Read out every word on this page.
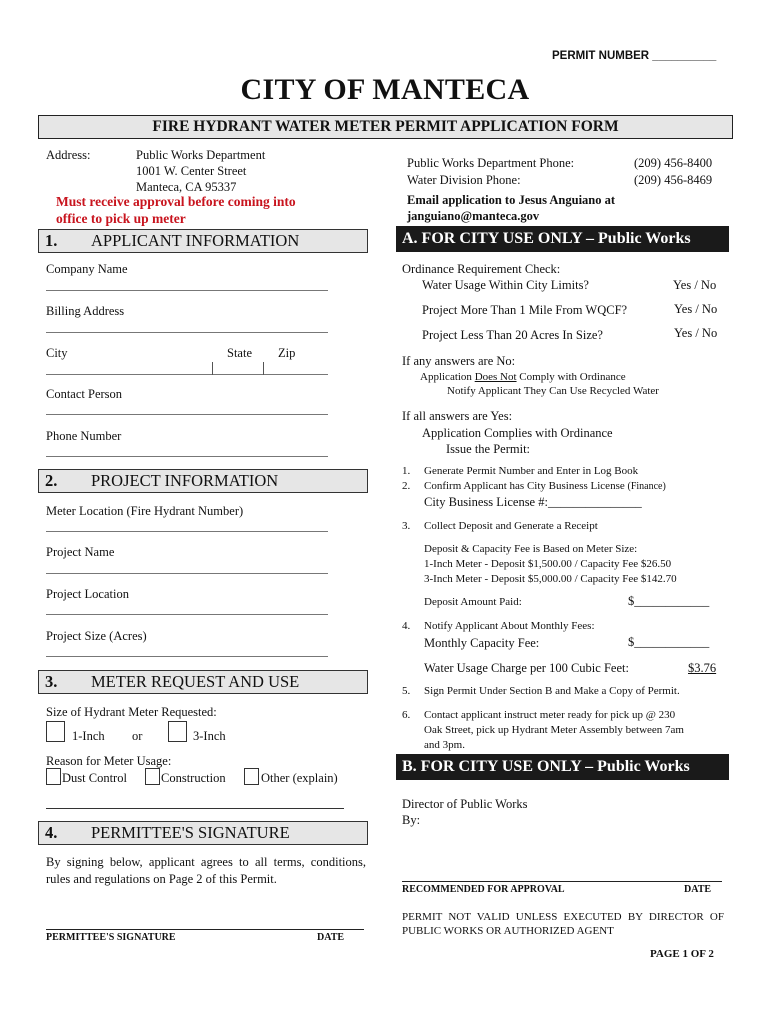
PERMIT NUMBER __________
CITY OF MANTECA
FIRE HYDRANT WATER METER PERMIT APPLICATION FORM
Address:	Public Works Department
1001 W. Center Street
Manteca, CA 95337
Must receive approval before coming into
office to pick up meter
Public Works Department Phone:	(209) 456-8400
Water Division Phone:	(209) 456-8469
Email application to Jesus Anguiano at
janguiano@manteca.gov
1. APPLICANT INFORMATION
Company Name
Billing Address
City	State Zip
Contact Person
Phone Number
2. PROJECT INFORMATION
Meter Location (Fire Hydrant Number)
Project Name
Project Location
Project Size (Acres)
3. METER REQUEST AND USE
Size of Hydrant Meter Requested:
1-Inch or	3-Inch
Reason for Meter Usage:
Dust Control	Construction	Other (explain)
4. PERMITTEE'S SIGNATURE
By signing below, applicant agrees to all terms, conditions, rules and regulations on Page 2 of this Permit.
PERMITTEE'S SIGNATURE	DATE
A. FOR CITY USE ONLY – Public Works
Ordinance Requirement Check:
Water Usage Within City Limits?	Yes / No
Project More Than 1 Mile From WQCF?	Yes / No
Project Less Than 20 Acres In Size?	Yes / No
If any answers are No:
Application Does Not Comply with Ordinance
Notify Applicant They Can Use Recycled Water
If all answers are Yes:
Application Complies with Ordinance
Issue the Permit:
1. Generate Permit Number and Enter in Log Book
2. Confirm Applicant has City Business License (Finance)
City Business License #:_______________
3. Collect Deposit and Generate a Receipt
Deposit & Capacity Fee is Based on Meter Size:
1-Inch Meter - Deposit $1,500.00 / Capacity Fee $26.50
3-Inch Meter - Deposit $5,000.00 / Capacity Fee $142.70
Deposit Amount Paid:	$____________
4. Notify Applicant About Monthly Fees:
Monthly Capacity Fee:	$____________
Water Usage Charge per 100 Cubic Feet:	$3.76
5. Sign Permit Under Section B and Make a Copy of Permit.
6. Contact applicant instruct meter ready for pick up @ 230
Oak Street, pick up Hydrant Meter Assembly between 7am
and 3pm.
B. FOR CITY USE ONLY – Public Works
Director of Public Works
By:
RECOMMENDED FOR APPROVAL	DATE
PERMIT NOT VALID UNLESS EXECUTED BY DIRECTOR OF PUBLIC WORKS OR AUTHORIZED AGENT
PAGE 1 OF 2
